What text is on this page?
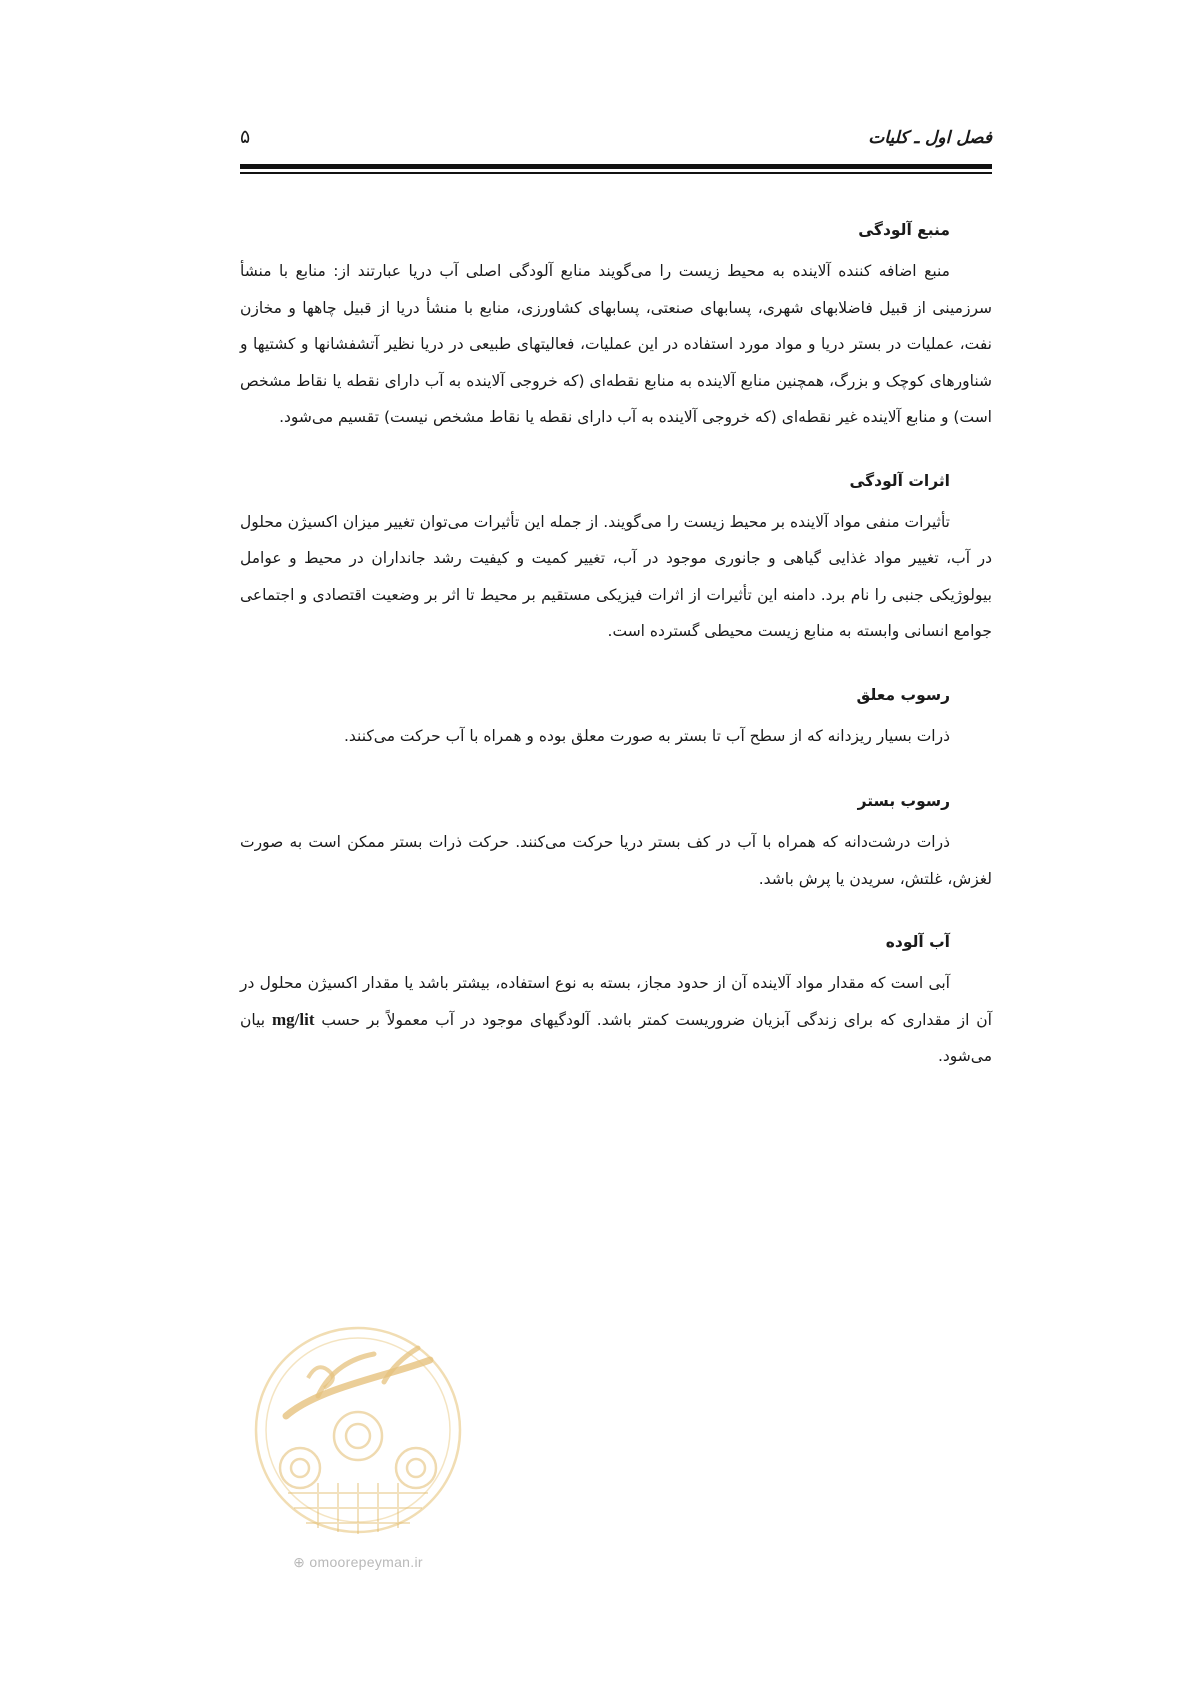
فصل اول ـ کلیات
۵
منبع آلودگی

منبع اضافه کننده آلاینده به محیط زیست را می‌گویند منابع آلودگی اصلی آب دریا عبارتند از: منابع با منشأ سرزمینی از قبیل فاضلابهای شهری، پسابهای صنعتی، پسابهای کشاورزی، منابع با منشأ دریا از قبیل چاهها و مخازن نفت، عملیات در بستر دریا و مواد مورد استفاده در این عملیات، فعالیتهای طبیعی در دریا نظیر آتشفشانها و کشتیها و شناورهای کوچک و بزرگ، همچنین منابع آلاینده به منابع نقطه‌ای (که خروجی آلاینده به آب دارای نقطه یا نقاط مشخص است) و منابع آلاینده غیر نقطه‌ای (که خروجی آلاینده به آب دارای نقطه یا نقاط مشخص نیست) تقسیم می‌شود.

اثرات آلودگی

تأثیرات منفی مواد آلاینده بر محیط زیست را می‌گویند. از جمله این تأثیرات می‌توان تغییر میزان اکسیژن محلول در آب، تغییر مواد غذایی گیاهی و جانوری موجود در آب، تغییر کمیت و کیفیت رشد جانداران در محیط و عوامل بیولوژیکی جنبی را نام برد. دامنه این تأثیرات از اثرات فیزیکی مستقیم بر محیط تا اثر بر وضعیت اقتصادی و اجتماعی جوامع انسانی وابسته به منابع زیست محیطی گسترده است.

رسوب معلق

ذرات بسیار ریزدانه که از سطح آب تا بستر به صورت معلق بوده و همراه با آب حرکت می‌کنند.

رسوب بستر

ذرات درشت‌دانه که همراه با آب در کف بستر دریا حرکت می‌کنند. حرکت ذرات بستر ممکن است به صورت لغزش، غلتش، سریدن یا پرش باشد.

آب آلوده

آبی است که مقدار مواد آلاینده آن از حدود مجاز، بسته به نوع استفاده، بیشتر باشد یا مقدار اکسیژن محلول در آن از مقداری که برای زندگی آبزیان ضروریست کمتر باشد. آلودگیهای موجود در آب معمولاً بر حسب mg/lit بیان می‌شود.

⊕ omoorepeyman.ir
